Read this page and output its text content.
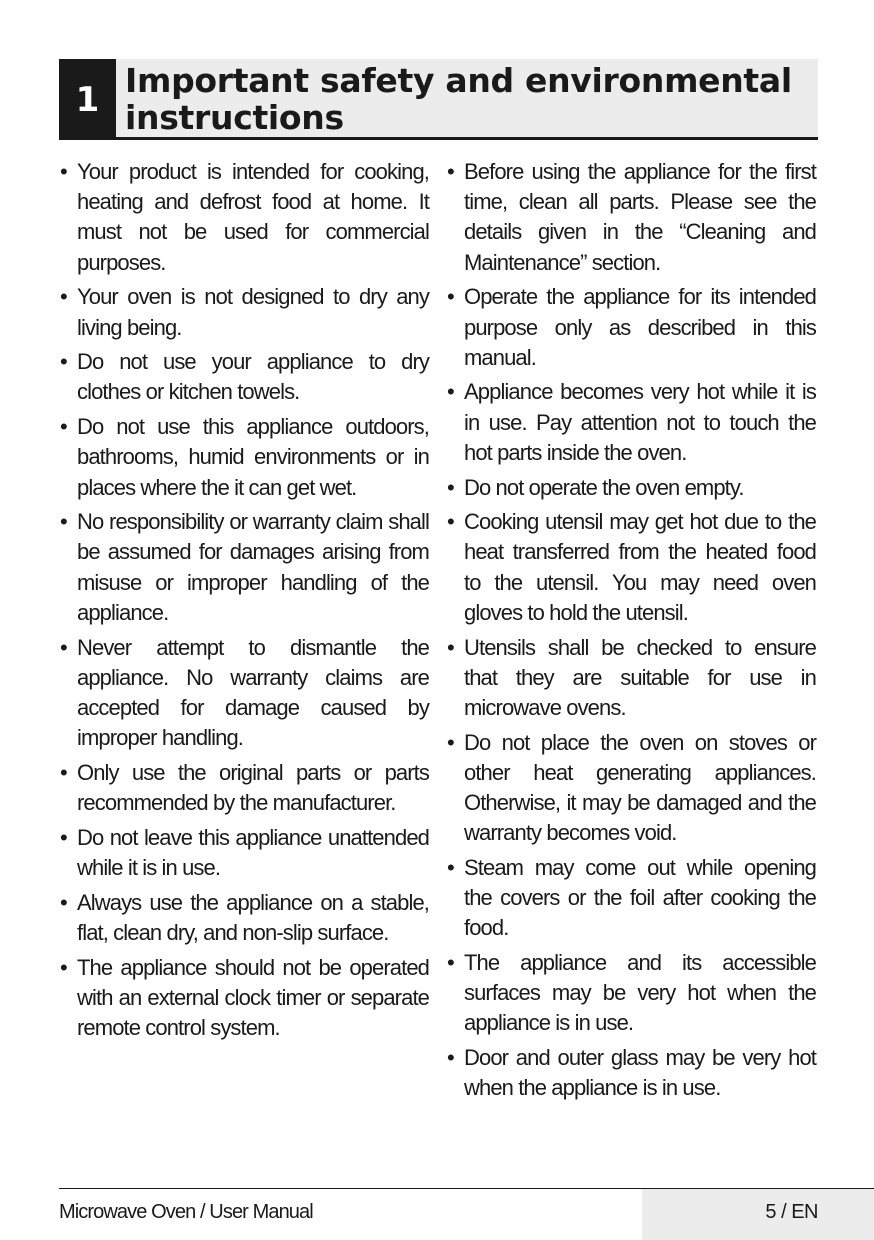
1 Important safety and environmental instructions
• Your product is intended for cooking, heating and defrost food at home. It must not be used for commercial purposes.
• Your oven is not designed to dry any living being.
• Do not use your appliance to dry clothes or kitchen towels.
• Do not use this appliance outdoors, bathrooms, humid environments or in places where the it can get wet.
• No responsibility or warranty claim shall be assumed for damages arising from misuse or improper handling of the appliance.
• Never attempt to dismantle the appliance. No warranty claims are accepted for damage caused by improper handling.
• Only use the original parts or parts recommended by the manufacturer.
• Do not leave this appliance unattended while it is in use.
• Always use the appliance on a stable, flat, clean dry, and non-slip surface.
• The appliance should not be operated with an external clock timer or separate remote control system.
• Before using the appliance for the first time, clean all parts. Please see the details given in the “Cleaning and Maintenance” section.
• Operate the appliance for its intended purpose only as described in this manual.
• Appliance becomes very hot while it is in use. Pay attention not to touch the hot parts inside the oven.
• Do not operate the oven empty.
• Cooking utensil may get hot due to the heat transferred from the heated food to the utensil. You may need oven gloves to hold the utensil.
• Utensils shall be checked to ensure that they are suitable for use in microwave ovens.
• Do not place the oven on stoves or other heat generating appliances. Otherwise, it may be damaged and the warranty becomes void.
• Steam may come out while opening the covers or the foil after cooking the food.
• The appliance and its accessible surfaces may be very hot when the appliance is in use.
• Door and outer glass may be very hot when the appliance is in use.
Microwave Oven / User Manual	5 / EN
